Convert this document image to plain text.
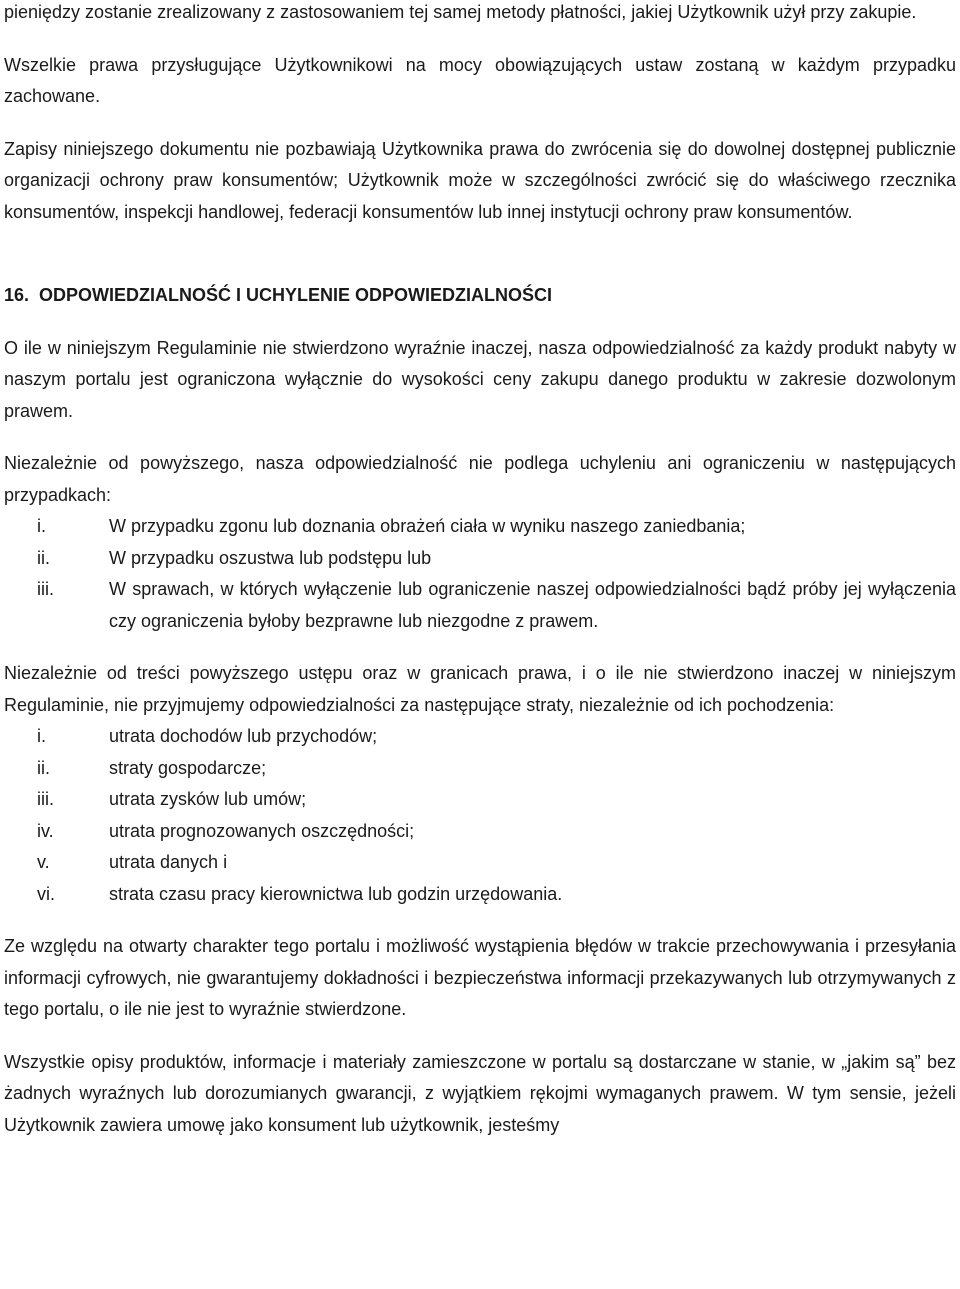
pieniędzy zostanie zrealizowany z zastosowaniem tej samej metody płatności, jakiej Użytkownik użył przy zakupie.

Wszelkie prawa przysługujące Użytkownikowi na mocy obowiązujących ustaw zostaną w każdym przypadku zachowane.

Zapisy niniejszego dokumentu nie pozbawiają Użytkownika prawa do zwrócenia się do dowolnej dostępnej publicznie organizacji ochrony praw konsumentów; Użytkownik może w szczególności zwrócić się do właściwego rzecznika konsumentów, inspekcji handlowej, federacji konsumentów lub innej instytucji ochrony praw konsumentów.

16. ODPOWIEDZIALNOŚĆ I UCHYLENIE ODPOWIEDZIALNOŚCI

O ile w niniejszym Regulaminie nie stwierdzono wyraźnie inaczej, nasza odpowiedzialność za każdy produkt nabyty w naszym portalu jest ograniczona wyłącznie do wysokości ceny zakupu danego produktu w zakresie dozwolonym prawem.

Niezależnie od powyższego, nasza odpowiedzialność nie podlega uchyleniu ani ograniczeniu w następujących przypadkach:

i.	W przypadku zgonu lub doznania obrażeń ciała w wyniku naszego zaniedbania;
ii.	W przypadku oszustwa lub podstępu lub
iii.	W sprawach, w których wyłączenie lub ograniczenie naszej odpowiedzialności bądź próby jej wyłączenia czy ograniczenia byłoby bezprawne lub niezgodne z prawem.

Niezależnie od treści powyższego ustępu oraz w granicach prawa, i o ile nie stwierdzono inaczej w niniejszym Regulaminie, nie przyjmujemy odpowiedzialności za następujące straty, niezależnie od ich pochodzenia:

i.	utrata dochodów lub przychodów;
ii.	straty gospodarcze;
iii.	utrata zysków lub umów;
iv.	utrata prognozowanych oszczędności;
v.	utrata danych i
vi.	strata czasu pracy kierownictwa lub godzin urzędowania.

Ze względu na otwarty charakter tego portalu i możliwość wystąpienia błędów w trakcie przechowywania i przesyłania informacji cyfrowych, nie gwarantujemy dokładności i bezpieczeństwa informacji przekazywanych lub otrzymywanych z tego portalu, o ile nie jest to wyraźnie stwierdzone.

Wszystkie opisy produktów, informacje i materiały zamieszczone w portalu są dostarczane w stanie, w „jakim są” bez żadnych wyraźnych lub dorozumianych gwarancji, z wyjątkiem rękojmi wymaganych prawem. W tym sensie, jeżeli Użytkownik zawiera umowę jako konsument lub użytkownik, jesteśmy
